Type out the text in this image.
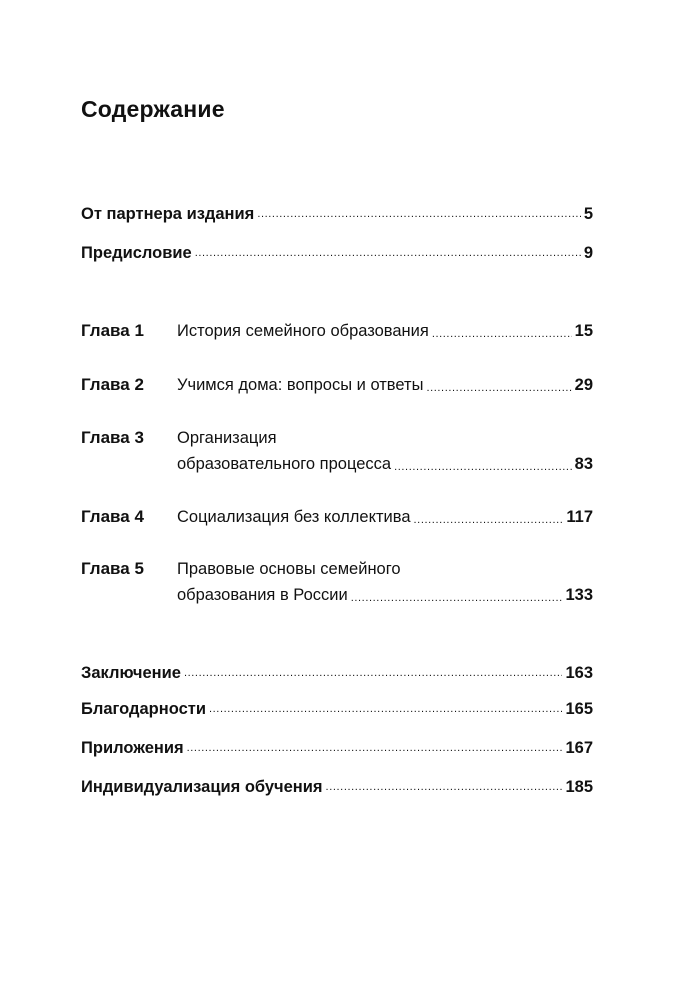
Содержание
От партнера издания .....	5
Предисловие .....	9
Глава 1 История семейного образования .....	15
Глава 2 Учимся дома: вопросы и ответы .....	29
Глава 3 Организация
образовательного процесса .....	83
Глава 4 Социализация без коллектива .....	117
Глава 5 Правовые основы семейного
образования в России .....	133
Заключение .....	163
Благодарности .....	165
Приложения .....	167
Индивидуализация обучения .....	185
